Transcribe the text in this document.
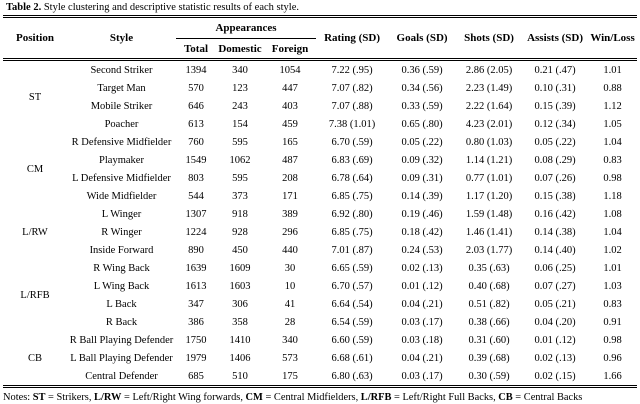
Table 2. Style clustering and descriptive statistic results of each style.
Position	Style	Appearances			Rating (SD)	Goals (SD)	Shots (SD)	Assists (SD)	Win/Loss
		Total	Domestic	Foreign					
ST	Second Striker	1394	340	1054	7.22 (.95)	0.36 (.59)	2.86 (2.05)	0.21 (.47)	1.01
	Target Man	570	123	447	7.07 (.82)	0.34 (.56)	2.23 (1.49)	0.10 (.31)	0.88
	Mobile Striker	646	243	403	7.07 (.88)	0.33 (.59)	2.22 (1.64)	0.15 (.39)	1.12
	Poacher	613	154	459	7.38 (1.01)	0.65 (.80)	4.23 (2.01)	0.12 (.34)	1.05
CM	R Defensive Midfielder	760	595	165	6.70 (.59)	0.05 (.22)	0.80 (1.03)	0.05 (.22)	1.04
	Playmaker	1549	1062	487	6.83 (.69)	0.09 (.32)	1.14 (1.21)	0.08 (.29)	0.83
	L Defensive Midfielder	803	595	208	6.78 (.64)	0.09 (.31)	0.77 (1.01)	0.07 (.26)	0.98
	Wide Midfielder	544	373	171	6.85 (.75)	0.14 (.39)	1.17 (1.20)	0.15 (.38)	1.18
L/RW	L Winger	1307	918	389	6.92 (.80)	0.19 (.46)	1.59 (1.48)	0.16 (.42)	1.08
	R Winger	1224	928	296	6.85 (.75)	0.18 (.42)	1.46 (1.41)	0.14 (.38)	1.04
	Inside Forward	890	450	440	7.01 (.87)	0.24 (.53)	2.03 (1.77)	0.14 (.40)	1.02
L/RFB	R Wing Back	1639	1609	30	6.65 (.59)	0.02 (.13)	0.35 (.63)	0.06 (.25)	1.01
	L Wing Back	1613	1603	10	6.70 (.57)	0.01 (.12)	0.40 (.68)	0.07 (.27)	1.03
	L Back	347	306	41	6.64 (.54)	0.04 (.21)	0.51 (.82)	0.05 (.21)	0.83
	R Back	386	358	28	6.54 (.59)	0.03 (.17)	0.38 (.66)	0.04 (.20)	0.91
CB	R Ball Playing Defender	1750	1410	340	6.60 (.59)	0.03 (.18)	0.31 (.60)	0.01 (.12)	0.98
	L Ball Playing Defender	1979	1406	573	6.68 (.61)	0.04 (.21)	0.39 (.68)	0.02 (.13)	0.96
	Central Defender	685	510	175	6.80 (.63)	0.03 (.17)	0.30 (.59)	0.02 (.15)	1.66
Notes: ST = Strikers, L/RW = Left/Right Wing forwards, CM = Central Midfielders, L/RFB = Left/Right Full Backs, CB = Central Backs
